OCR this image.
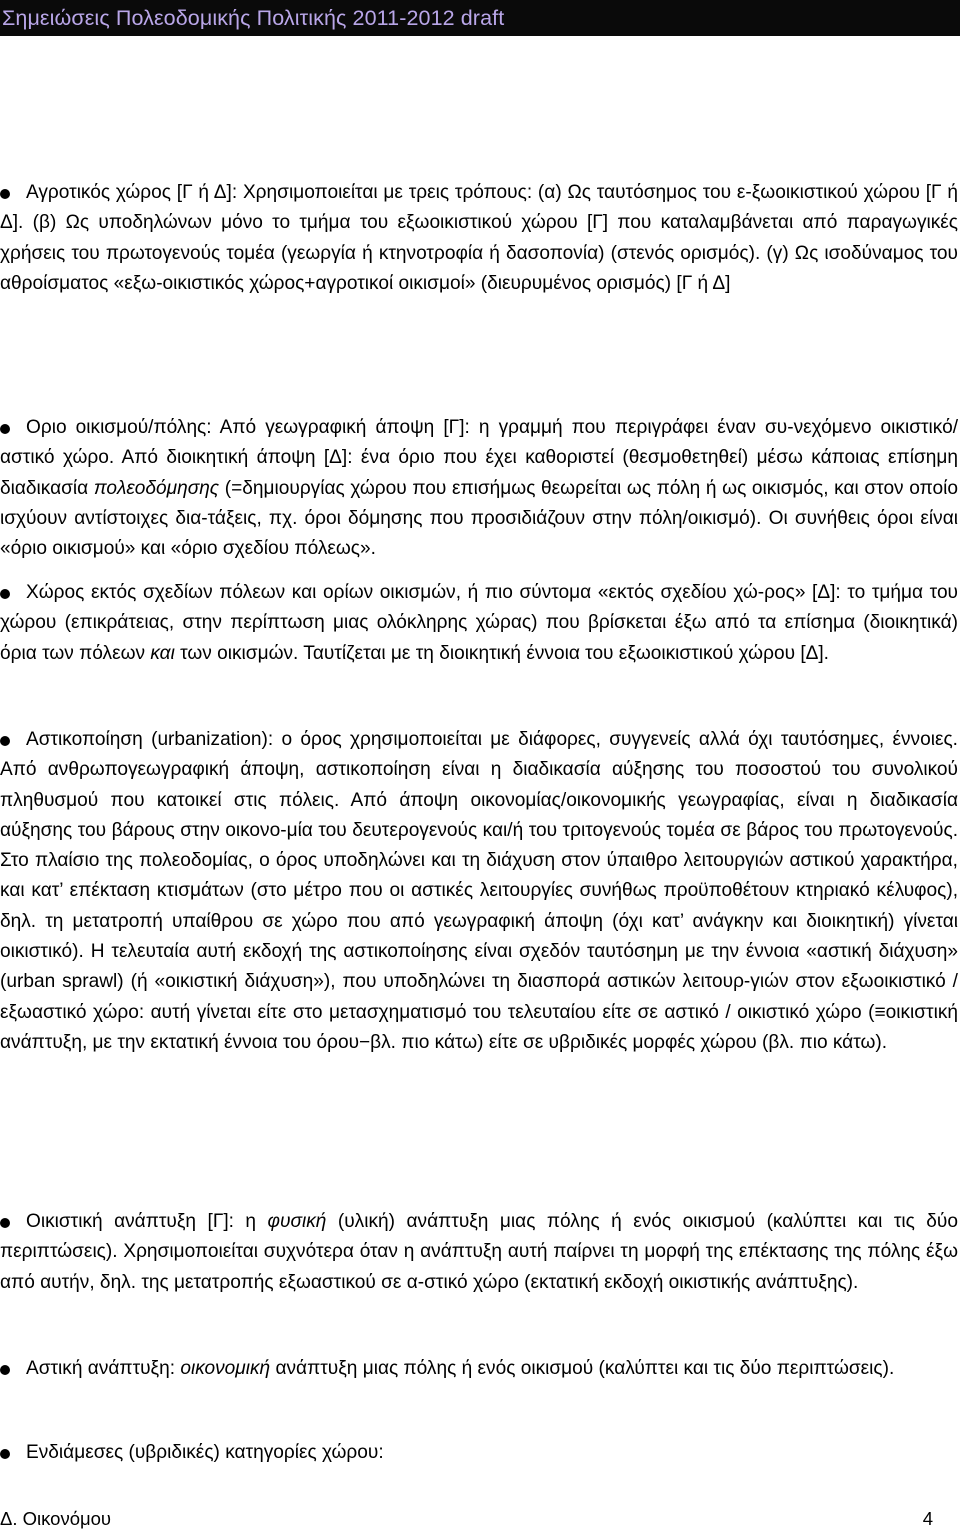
Σημειώσεις Πολεοδομικής Πολιτικής 2011-2012 draft

Αγροτικός χώρος [Γ ή Δ]: Χρησιμοποιείται με τρεις τρόπους: (α) Ως ταυτόσημος του ε-ξωοικιστικού χώρου [Γ ή Δ]. (β) Ως υποδηλώνων μόνο το τμήμα του εξωοικιστικού χώρου [Γ] που καταλαμβάνεται από παραγωγικές χρήσεις του πρωτογενούς τομέα (γεωργία ή κτηνοτροφία ή δασοπονία) (στενός ορισμός). (γ) Ως ισοδύναμος του αθροίσματος «εξω-οικιστικός χώρος+αγροτικοί οικισμοί» (διευρυμένος ορισμός) [Γ ή Δ]

Οριο οικισμού/πόλης: Από γεωγραφική άποψη [Γ]: η γραμμή που περιγράφει έναν συ-νεχόμενο οικιστικό/αστικό χώρο. Από διοικητική άποψη [Δ]: ένα όριο που έχει καθοριστεί (θεσμοθετηθεί) μέσω κάποιας επίσημη διαδικασία πολεοδόμησης (=δημιουργίας χώρου που επισήμως θεωρείται ως πόλη ή ως οικισμός, και στον οποίο ισχύουν αντίστοιχες δια-τάξεις, πχ. όροι δόμησης που προσιδιάζουν στην πόλη/οικισμό). Οι συνήθεις όροι είναι «όριο οικισμού» και «όριο σχεδίου πόλεως».

Χώρος εκτός σχεδίων πόλεων και ορίων οικισμών, ή πιο σύντομα «εκτός σχεδίου χώ-ρος» [Δ]: το τμήμα του χώρου (επικράτειας, στην περίπτωση μιας ολόκληρης χώρας) που βρίσκεται έξω από τα επίσημα (διοικητικά) όρια των πόλεων και των οικισμών. Ταυτίζεται με τη διοικητική έννοια του εξωοικιστικού χώρου [Δ].

Αστικοποίηση (urbanization): ο όρος χρησιμοποιείται με διάφορες, συγγενείς αλλά όχι ταυτόσημες, έννοιες. Από ανθρωπογεωγραφική άποψη, αστικοποίηση είναι η διαδικασία αύξησης του ποσοστού του συνολικού πληθυσμού που κατοικεί στις πόλεις. Από άποψη οικονομίας/οικονομικής γεωγραφίας, είναι η διαδικασία αύξησης του βάρους στην οικονο-μία του δευτερογενούς και/ή του τριτογενούς τομέα σε βάρος του πρωτογενούς. Στο πλαίσιο της πολεοδομίας, ο όρος υποδηλώνει και τη διάχυση στον ύπαιθρο λειτουργιών αστικού χαρακτήρα, και κατ’ επέκταση κτισμάτων (στο μέτρο που οι αστικές λειτουργίες συνήθως προϋποθέτουν κτηριακό κέλυφος), δηλ. τη μετατροπή υπαίθρου σε χώρο που από γεωγραφική άποψη (όχι κατ’ ανάγκην και διοικητική) γίνεται οικιστικό). Η τελευταία αυτή εκδοχή της αστικοποίησης είναι σχεδόν ταυτόσημη με την έννοια «αστική διάχυση» (urban sprawl) (ή «οικιστική διάχυση»), που υποδηλώνει τη διασπορά αστικών λειτουρ-γιών στον εξωοικιστικό / εξωαστικό χώρο: αυτή γίνεται είτε στο μετασχηματισμό του τελευταίου είτε σε αστικό / οικιστικό χώρο (≡οικιστική ανάπτυξη, με την εκτατική έννοια του όρου−βλ. πιο κάτω) είτε σε υβριδικές μορφές χώρου (βλ. πιο κάτω).

Οικιστική ανάπτυξη [Γ]: η φυσική (υλική) ανάπτυξη μιας πόλης ή ενός οικισμού (καλύπτει και τις δύο περιπτώσεις). Χρησιμοποιείται συχνότερα όταν η ανάπτυξη αυτή παίρνει τη μορφή της επέκτασης της πόλης έξω από αυτήν, δηλ. της μετατροπής εξωαστικού σε α-στικό χώρο (εκτατική εκδοχή οικιστικής ανάπτυξης).

Αστική ανάπτυξη: οικονομική ανάπτυξη μιας πόλης ή ενός οικισμού (καλύπτει και τις δύο περιπτώσεις).

Ενδιάμεσες (υβριδικές) κατηγορίες χώρου:

Δ. Οικονόμου	4
